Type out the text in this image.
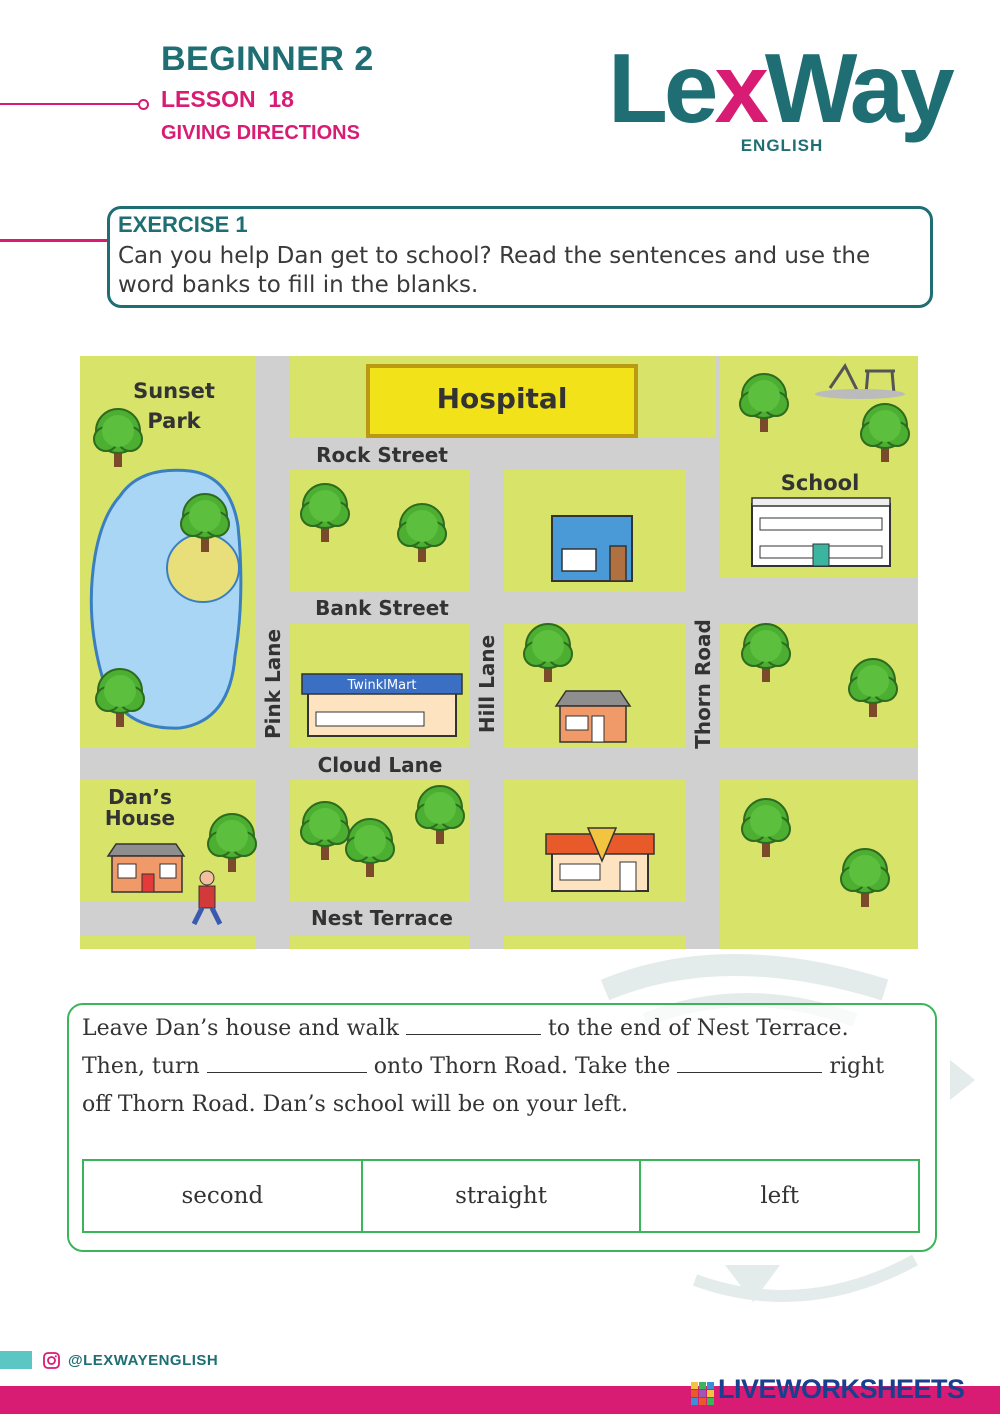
BEGINNER 2
LESSON  18
GIVING DIRECTIONS	LexWay
ENGLISH
EXERCISE 1
Can you help Dan get to school? Read the sentences and use the word banks to fill in the blanks.
Hospital
School
TwinklMart
Rock Street
Bank Street
Cloud Lane
Nest Terrace
Pink Lane	Hill Lane	Thorn Road
Sunset
Park
Dan’s
House
Leave Dan’s house and walk	to the end of Nest Terrace.
Then, turn	onto Thorn Road. Take the	right
off Thorn Road. Dan’s school will be on your left.
second	straight	left
@LEXWAYENGLISH
LIVEWORKSHEETS
